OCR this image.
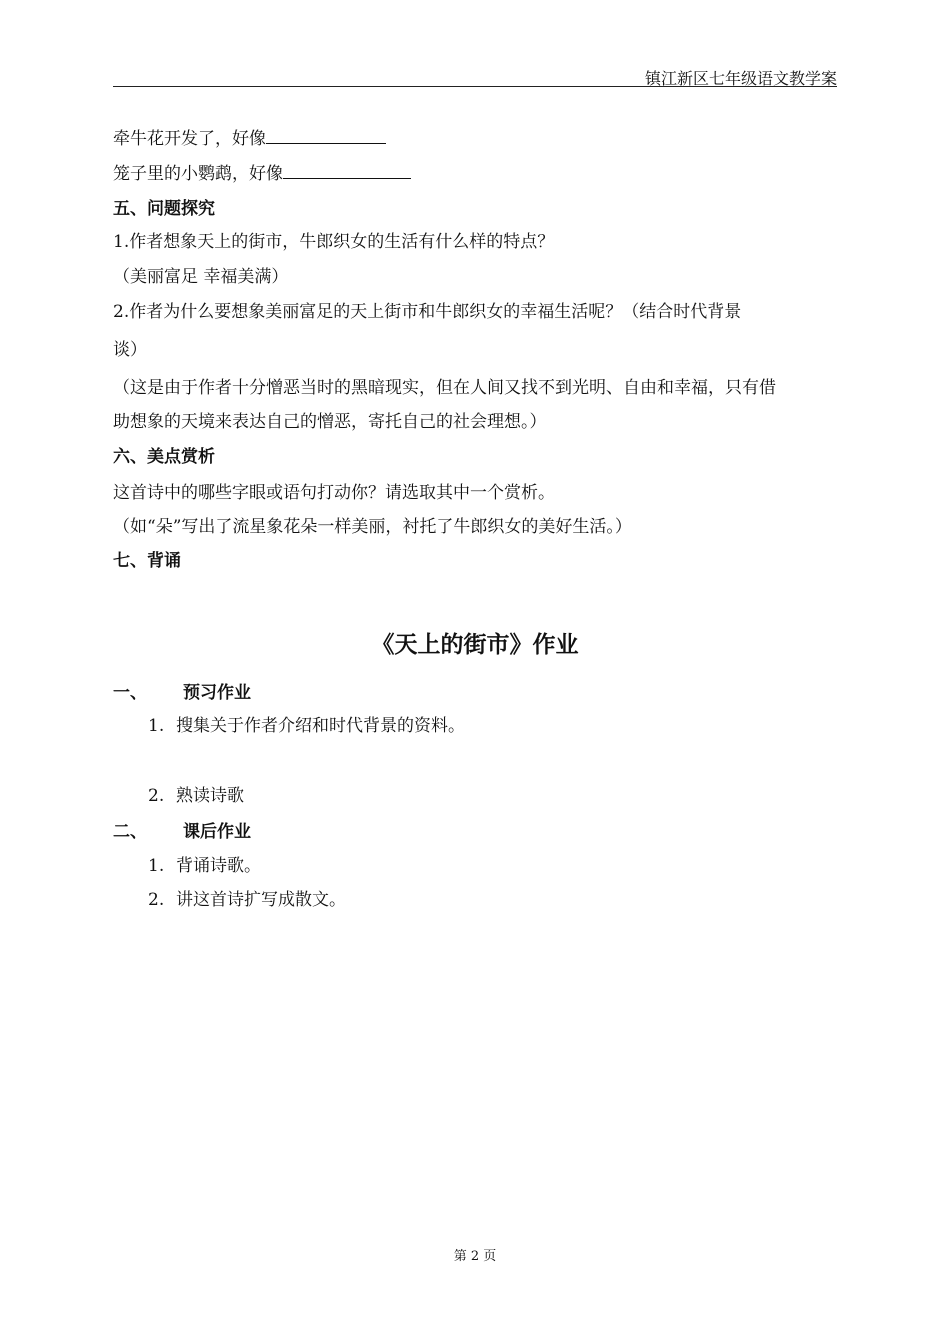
镇江新区七年级语文教学案
牵牛花开发了，好像
笼子里的小鹦鹉，好像
五、问题探究
1.作者想象天上的街市，牛郎织女的生活有什么样的特点？
（美丽富足 幸福美满）
2.作者为什么要想象美丽富足的天上街市和牛郎织女的幸福生活呢？（结合时代背景
谈）
（这是由于作者十分憎恶当时的黑暗现实，但在人间又找不到光明、自由和幸福，只有借
助想象的天境来表达自己的憎恶，寄托自己的社会理想。）
六、美点赏析
这首诗中的哪些字眼或语句打动你？请选取其中一个赏析。
（如“朵”写出了流星象花朵一样美丽，衬托了牛郎织女的美好生活。）
七、背诵
《天上的街市》作业
一、 预习作业
1. 搜集关于作者介绍和时代背景的资料。
2. 熟读诗歌
二、 课后作业
1. 背诵诗歌。
2. 讲这首诗扩写成散文。
第 2 页
